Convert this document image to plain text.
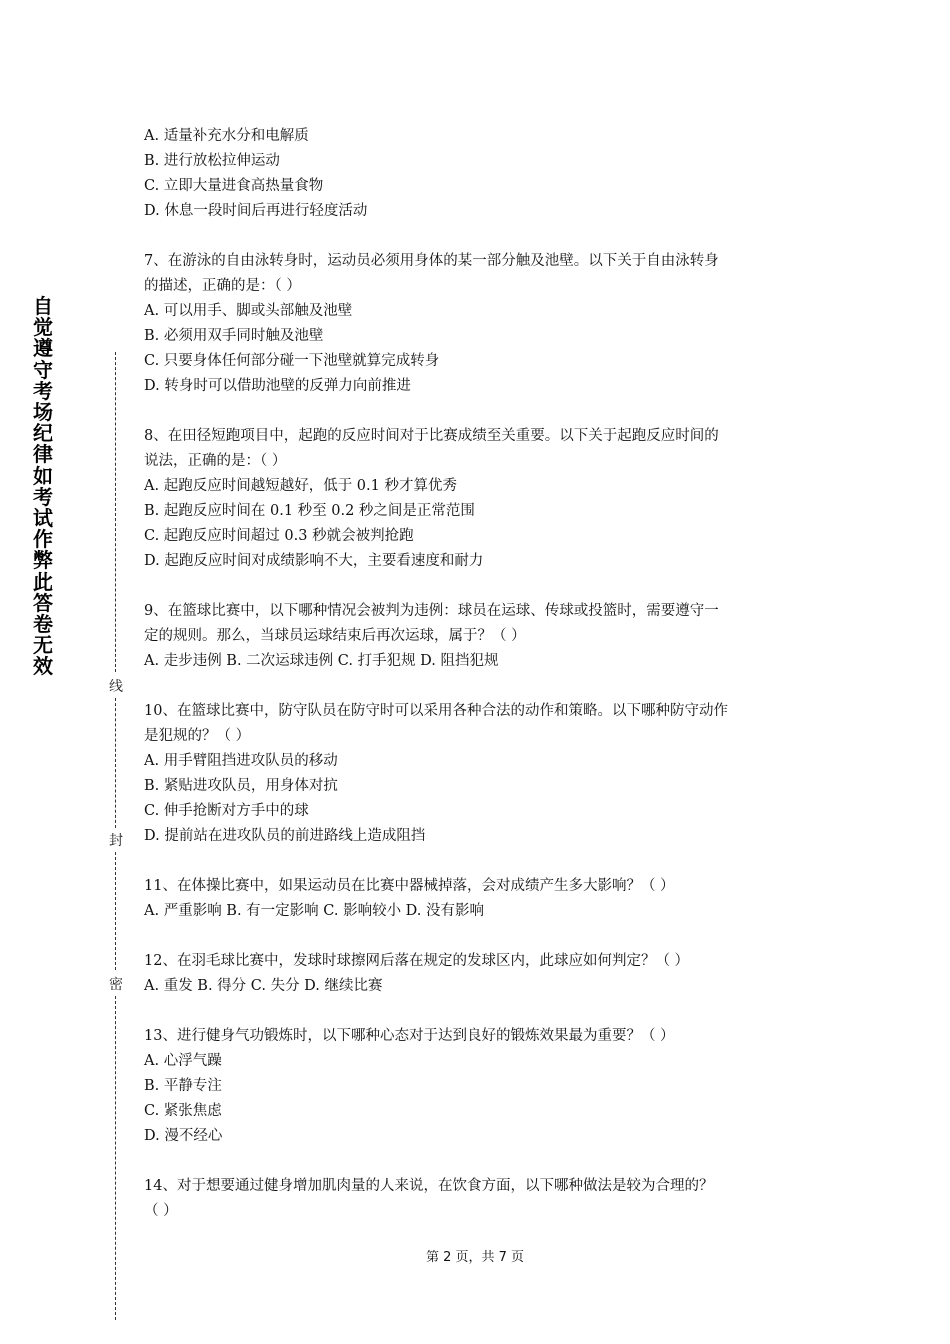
自觉遵守考场纪律如考试作弊此答卷无效
线
封
密
A. 适量补充水分和电解质
B. 进行放松拉伸运动
C. 立即大量进食高热量食物
D. 休息一段时间后再进行轻度活动
7、在游泳的自由泳转身时，运动员必须用身体的某一部分触及池壁。以下关于自由泳转身
的描述，正确的是：（ ）
A. 可以用手、脚或头部触及池壁
B. 必须用双手同时触及池壁
C. 只要身体任何部分碰一下池壁就算完成转身
D. 转身时可以借助池壁的反弹力向前推进
8、在田径短跑项目中，起跑的反应时间对于比赛成绩至关重要。以下关于起跑反应时间的
说法，正确的是：（ ）
A. 起跑反应时间越短越好，低于 0.1 秒才算优秀
B. 起跑反应时间在 0.1 秒至 0.2 秒之间是正常范围
C. 起跑反应时间超过 0.3 秒就会被判抢跑
D. 起跑反应时间对成绩影响不大，主要看速度和耐力
9、在篮球比赛中，以下哪种情况会被判为违例：球员在运球、传球或投篮时，需要遵守一
定的规则。那么，当球员运球结束后再次运球，属于？（ ）
A. 走步违例 B. 二次运球违例 C. 打手犯规 D. 阻挡犯规
10、在篮球比赛中，防守队员在防守时可以采用各种合法的动作和策略。以下哪种防守动作
是犯规的？（ ）
A. 用手臂阻挡进攻队员的移动
B. 紧贴进攻队员，用身体对抗
C. 伸手抢断对方手中的球
D. 提前站在进攻队员的前进路线上造成阻挡
11、在体操比赛中，如果运动员在比赛中器械掉落，会对成绩产生多大影响？（ ）
A. 严重影响 B. 有一定影响 C. 影响较小 D. 没有影响
12、在羽毛球比赛中，发球时球擦网后落在规定的发球区内，此球应如何判定？（ ）
A. 重发 B. 得分 C. 失分 D. 继续比赛
13、进行健身气功锻炼时，以下哪种心态对于达到良好的锻炼效果最为重要？（ ）
A. 心浮气躁
B. 平静专注
C. 紧张焦虑
D. 漫不经心
14、对于想要通过健身增加肌肉量的人来说，在饮食方面，以下哪种做法是较为合理的？
（ ）
第 2 页，共 7 页
